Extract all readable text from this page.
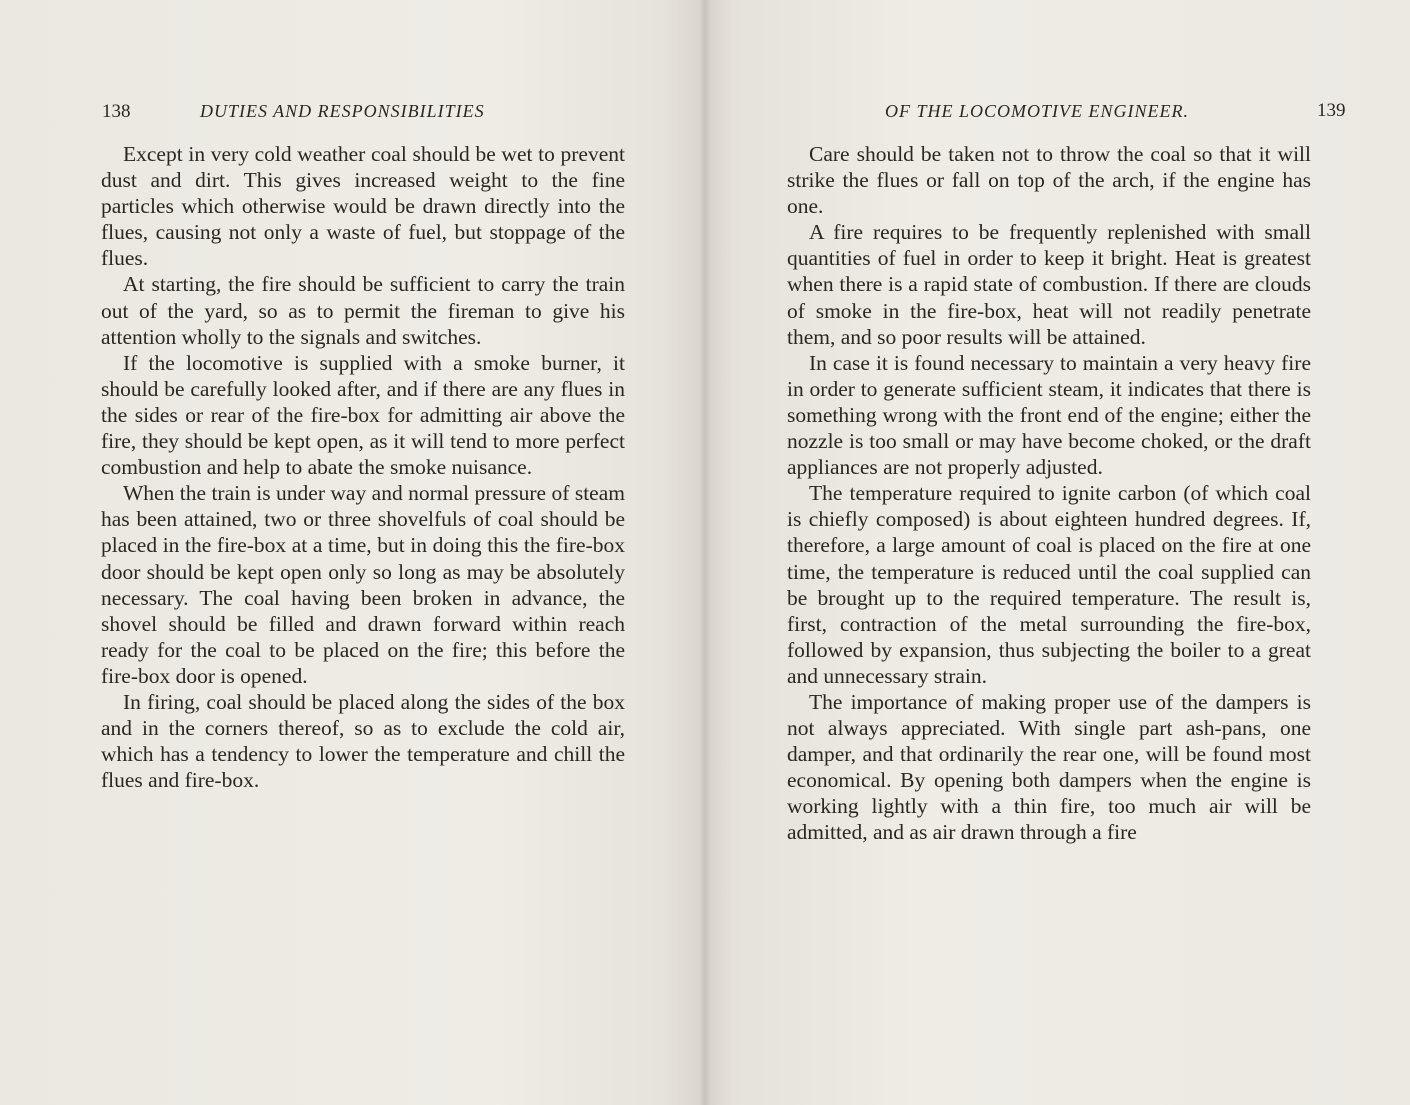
138	DUTIES AND RESPONSIBILITIES

Except in very cold weather coal should be wet to prevent dust and dirt. This gives increased weight to the fine particles which otherwise would be drawn directly into the flues, causing not only a waste of fuel, but stoppage of the flues.

At starting, the fire should be sufficient to carry the train out of the yard, so as to permit the fireman to give his attention wholly to the signals and switches.

If the locomotive is supplied with a smoke burner, it should be carefully looked after, and if there are any flues in the sides or rear of the fire-box for admitting air above the fire, they should be kept open, as it will tend to more perfect combustion and help to abate the smoke nuisance.

When the train is under way and normal pressure of steam has been attained, two or three shovelfuls of coal should be placed in the fire-box at a time, but in doing this the fire-box door should be kept open only so long as may be absolutely necessary. The coal having been broken in advance, the shovel should be filled and drawn forward within reach ready for the coal to be placed on the fire; this before the fire-box door is opened.

In firing, coal should be placed along the sides of the box and in the corners thereof, so as to exclude the cold air, which has a tendency to lower the temperature and chill the flues and fire-box.

OF THE LOCOMOTIVE ENGINEER.	139

Care should be taken not to throw the coal so that it will strike the flues or fall on top of the arch, if the engine has one.

A fire requires to be frequently replenished with small quantities of fuel in order to keep it bright. Heat is greatest when there is a rapid state of combustion. If there are clouds of smoke in the fire-box, heat will not readily penetrate them, and so poor results will be attained.

In case it is found necessary to maintain a very heavy fire in order to generate sufficient steam, it indicates that there is something wrong with the front end of the engine; either the nozzle is too small or may have become choked, or the draft appliances are not properly adjusted.

The temperature required to ignite carbon (of which coal is chiefly composed) is about eighteen hundred degrees. If, therefore, a large amount of coal is placed on the fire at one time, the temperature is reduced until the coal supplied can be brought up to the required temperature. The result is, first, contraction of the metal surrounding the fire-box, followed by expansion, thus subjecting the boiler to a great and unnecessary strain.

The importance of making proper use of the dampers is not always appreciated. With single part ash-pans, one damper, and that ordinarily the rear one, will be found most economical. By opening both dampers when the engine is working lightly with a thin fire, too much air will be admitted, and as air drawn through a fire
